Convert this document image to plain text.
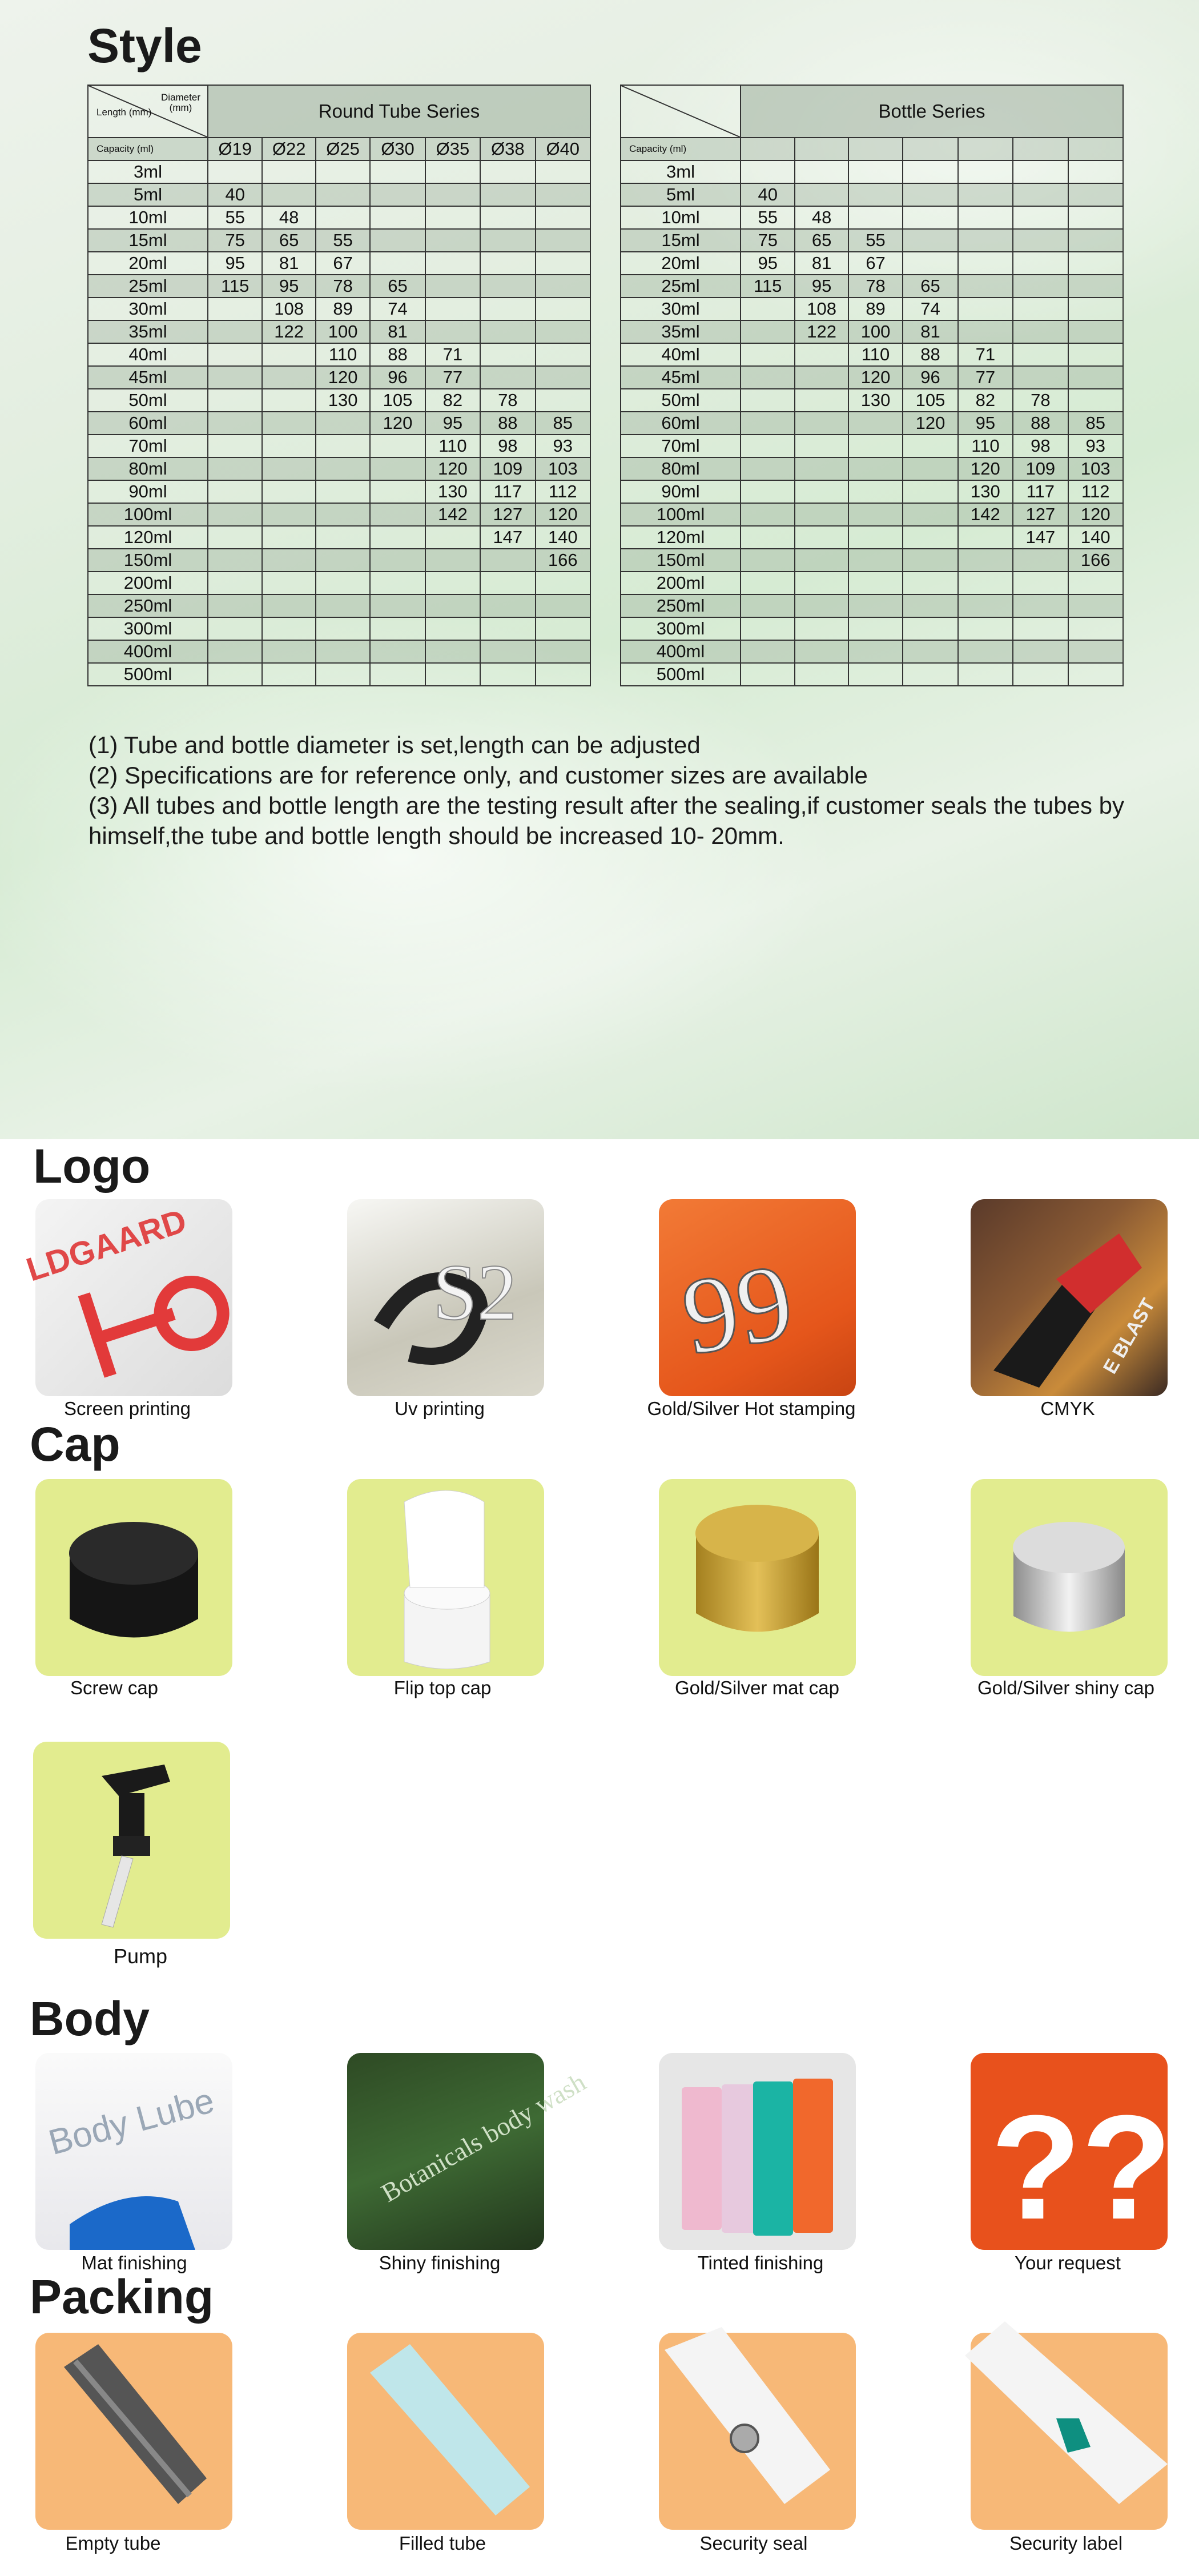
Style
Length (mm)
Diameter (mm)	Round Tube Series						

Capacity (ml)	Ø19	Ø22	Ø25	Ø30	Ø35	Ø38	Ø40
3ml							
5ml	40						
10ml	55	48					
15ml	75	65	55				
20ml	95	81	67				
25ml	115	95	78	65			
30ml		108	89	74			
35ml		122	100	81			
40ml			110	88	71		
45ml			120	96	77		
50ml			130	105	82	78	
60ml				120	95	88	85
70ml					110	98	93
80ml					120	109	103
90ml					130	117	112
100ml					142	127	120
120ml						147	140
150ml							166
200ml							
250ml							
300ml							
400ml							
500ml							
	Bottle Series						

Capacity (ml)							
3ml							
5ml	40						
10ml	55	48					
15ml	75	65	55				
20ml	95	81	67				
25ml	115	95	78	65			
30ml		108	89	74			
35ml		122	100	81			
40ml			110	88	71		
45ml			120	96	77		
50ml			130	105	82	78	
60ml				120	95	88	85
70ml					110	98	93
80ml					120	109	103
90ml					130	117	112
100ml					142	127	120
120ml						147	140
150ml							166
200ml							
250ml							
300ml							
400ml							
500ml							

(1) Tube and bottle diameter is set,length can be adjusted

(2) Specifications are for reference only, and customer sizes are available

(3) All tubes and bottle length are the testing result after the sealing,if customer seals the tubes by himself,the tube and bottle length should be increased 10- 20mm.

Logo
LDGAARD
Screen printing
S2
Uv printing
99
Gold/Silver Hot stamping
E BLAST
CMYK
Cap
Screw cap	Flip top cap	Gold/Silver mat cap	Gold/Silver shiny cap
Pump
Body
Body Lube
Mat finishing
Botanicals body wash
Shiny finishing	Tinted finishing
??
Your request
Packing
Empty tube	Filled tube	Security seal	Security label
